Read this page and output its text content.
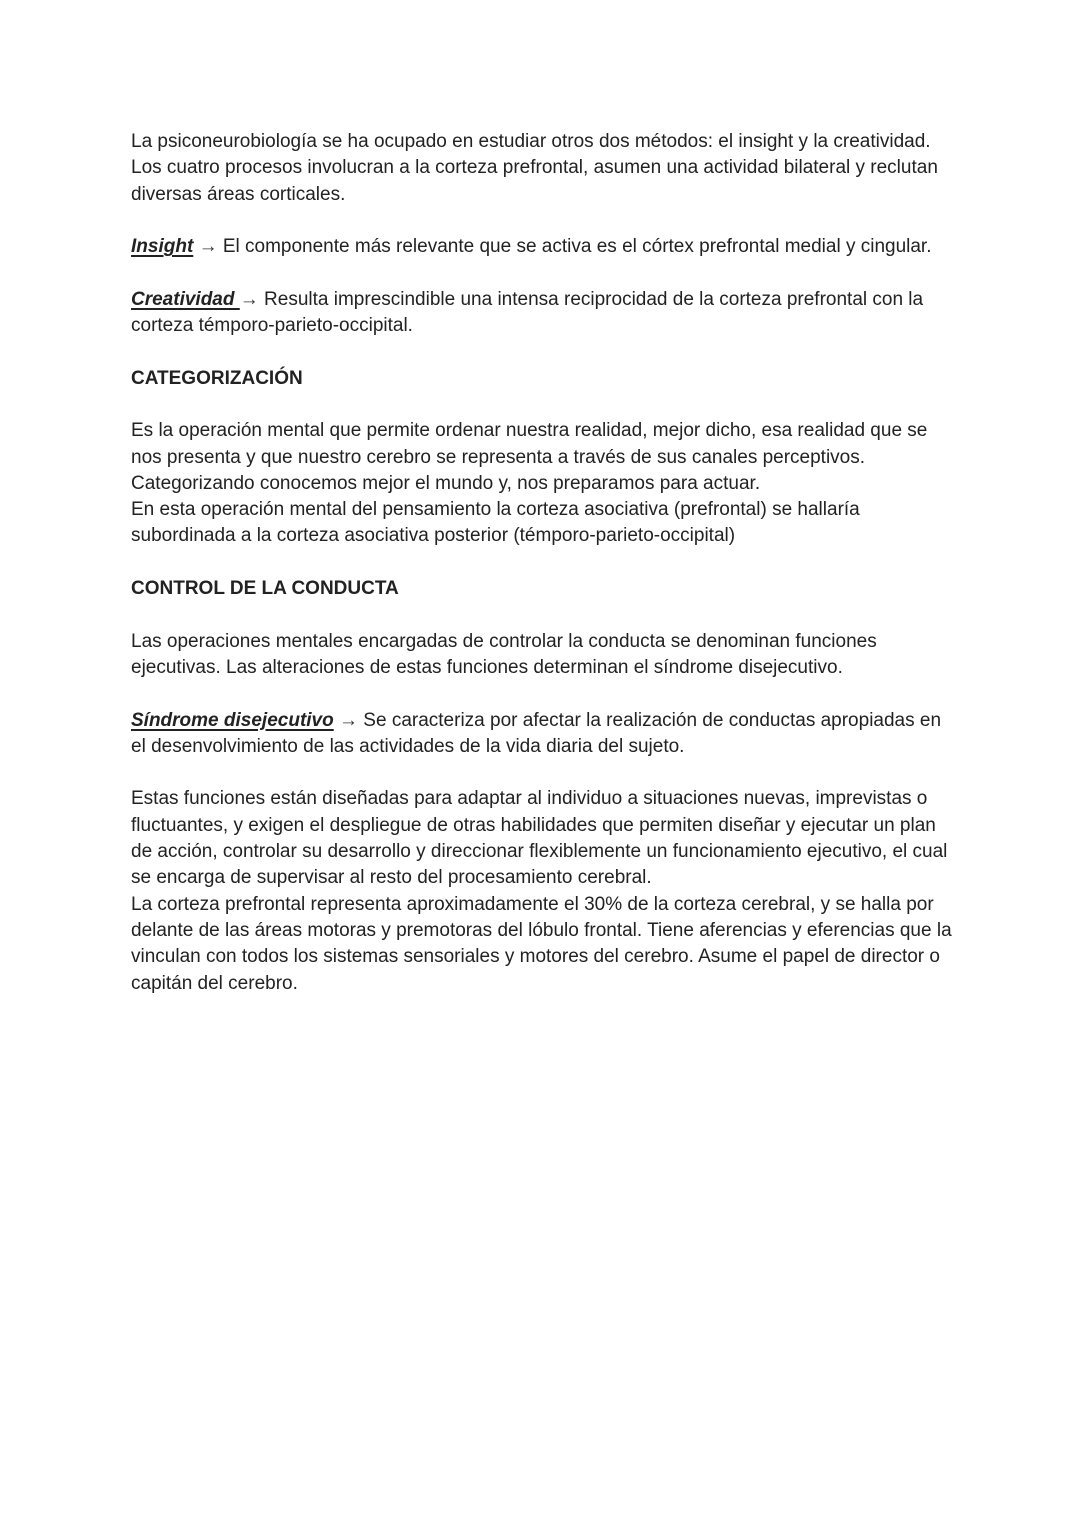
La psiconeurobiología se ha ocupado en estudiar otros dos métodos: el insight y la creatividad.

Los cuatro procesos involucran a la corteza prefrontal, asumen una actividad bilateral y reclutan diversas áreas corticales.

Insight → El componente más relevante que se activa es el córtex prefrontal medial y cingular.

Creatividad → Resulta imprescindible una intensa reciprocidad de la corteza prefrontal con la corteza témporo-parieto-occipital.

CATEGORIZACIÓN

Es la operación mental que permite ordenar nuestra realidad, mejor dicho, esa realidad que se nos presenta y que nuestro cerebro se representa a través de sus canales perceptivos.

Categorizando conocemos mejor el mundo y, nos preparamos para actuar.

En esta operación mental del pensamiento la corteza asociativa (prefrontal) se hallaría subordinada a la corteza asociativa posterior (témporo-parieto-occipital)

CONTROL DE LA CONDUCTA

Las operaciones mentales encargadas de controlar la conducta se denominan funciones ejecutivas. Las alteraciones de estas funciones determinan el síndrome disejecutivo.

Síndrome disejecutivo → Se caracteriza por afectar la realización de conductas apropiadas en el desenvolvimiento de las actividades de la vida diaria del sujeto.

Estas funciones están diseñadas para adaptar al individuo a situaciones nuevas, imprevistas o fluctuantes, y exigen el despliegue de otras habilidades que permiten diseñar y ejecutar un plan de acción, controlar su desarrollo y direccionar flexiblemente un funcionamiento ejecutivo, el cual se encarga de supervisar al resto del procesamiento cerebral.

La corteza prefrontal representa aproximadamente el 30% de la corteza cerebral, y se halla por delante de las áreas motoras y premotoras del lóbulo frontal. Tiene aferencias y eferencias que la vinculan con todos los sistemas sensoriales y motores del cerebro. Asume el papel de director o capitán del cerebro.
